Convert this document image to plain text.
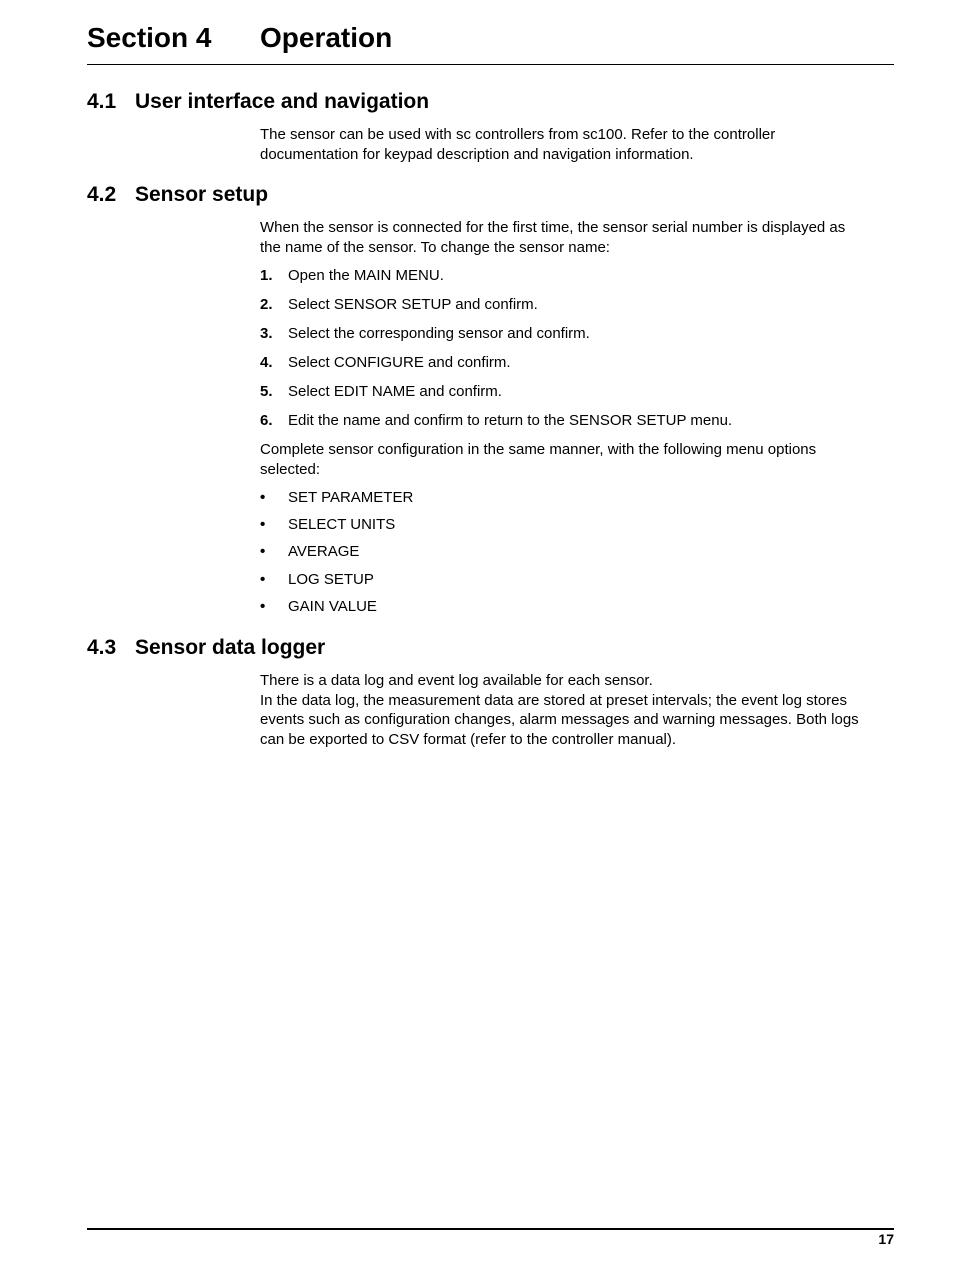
Section 4 Operation
4.1 User interface and navigation
The sensor can be used with sc controllers from sc100. Refer to the controller
documentation for keypad description and navigation information.
4.2 Sensor setup
When the sensor is connected for the first time, the sensor serial number is displayed as
the name of the sensor. To change the sensor name:
1. Open the MAIN MENU.
2. Select SENSOR SETUP and confirm.
3. Select the corresponding sensor and confirm.
4. Select CONFIGURE and confirm.
5. Select EDIT NAME and confirm.
6. Edit the name and confirm to return to the SENSOR SETUP menu.
Complete sensor configuration in the same manner, with the following menu options
selected:
• SET PARAMETER
• SELECT UNITS
• AVERAGE
• LOG SETUP
• GAIN VALUE
4.3 Sensor data logger
There is a data log and event log available for each sensor.
In the data log, the measurement data are stored at preset intervals; the event log stores
events such as configuration changes, alarm messages and warning messages. Both logs
can be exported to CSV format (refer to the controller manual).
17
